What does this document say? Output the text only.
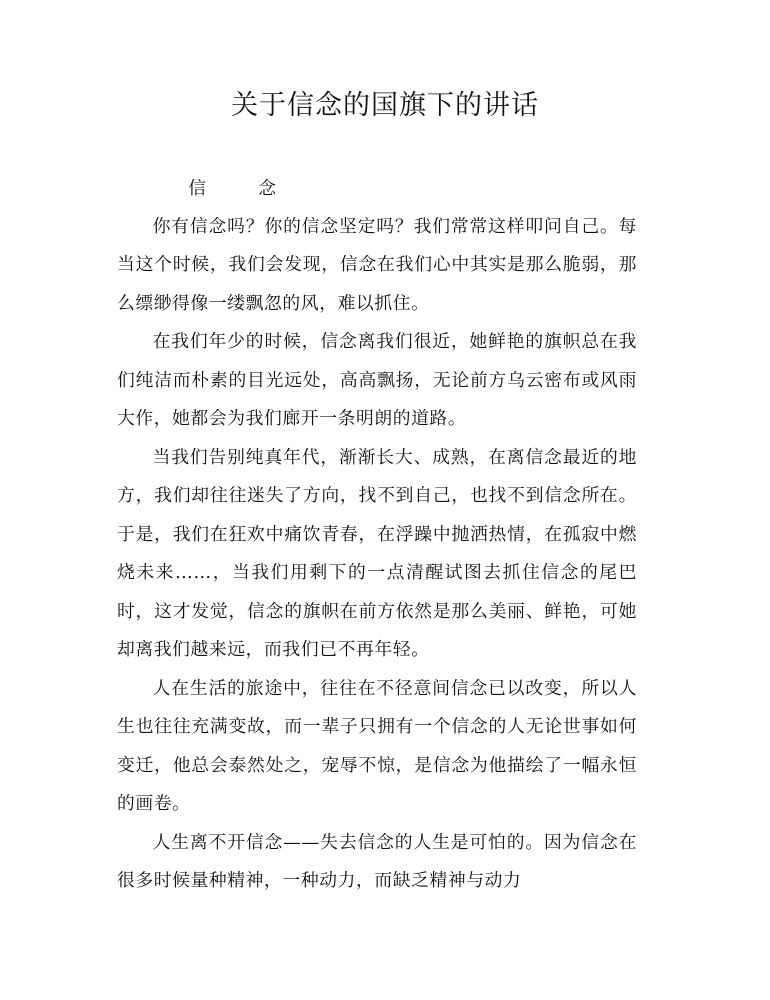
关于信念的国旗下的讲话

信	念

你有信念吗？你的信念坚定吗？我们常常这样叩问自己。每当这个时候，我们会发现，信念在我们心中其实是那么脆弱，那么缥缈得像一缕飘忽的风，难以抓住。

在我们年少的时候，信念离我们很近，她鲜艳的旗帜总在我们纯洁而朴素的目光远处，高高飘扬，无论前方乌云密布或风雨大作，她都会为我们廊开一条明朗的道路。

当我们告别纯真年代，渐渐长大、成熟，在离信念最近的地方，我们却往往迷失了方向，找不到自己，也找不到信念所在。于是，我们在狂欢中痛饮青春，在浮躁中抛洒热情，在孤寂中燃烧未来……，当我们用剩下的一点清醒试图去抓住信念的尾巴时，这才发觉，信念的旗帜在前方依然是那么美丽、鲜艳，可她却离我们越来远，而我们已不再年轻。

人在生活的旅途中，往往在不径意间信念已以改变，所以人生也往往充满变故，而一辈子只拥有一个信念的人无论世事如何变迁，他总会泰然处之，宠辱不惊，是信念为他描绘了一幅永恒的画卷。

人生离不开信念——失去信念的人生是可怕的。因为信念在很多时候量种精神，一种动力，而缺乏精神与动力
